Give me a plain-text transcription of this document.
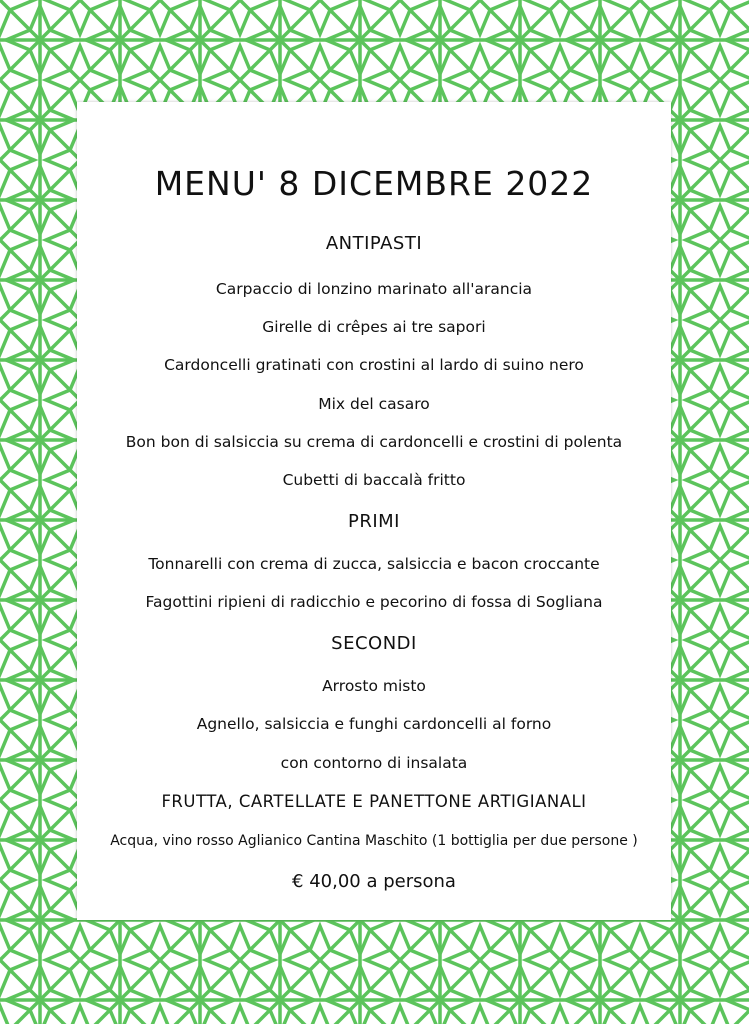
MENU' 8 DICEMBRE 2022
ANTIPASTI
Carpaccio di lonzino marinato all'arancia
Girelle di crêpes ai tre sapori
Cardoncelli gratinati con crostini al lardo di suino nero
Mix del casaro
Bon bon di salsiccia su crema di cardoncelli e crostini di polenta
Cubetti di baccalà fritto
PRIMI
Tonnarelli con crema di zucca, salsiccia e bacon croccante
Fagottini ripieni di radicchio e pecorino di fossa di Sogliana
SECONDI
Arrosto misto
Agnello, salsiccia e funghi cardoncelli al forno
con contorno di insalata
FRUTTA, CARTELLATE E PANETTONE ARTIGIANALI
Acqua, vino rosso Aglianico Cantina Maschito (1 bottiglia per due persone )
€ 40,00 a persona
